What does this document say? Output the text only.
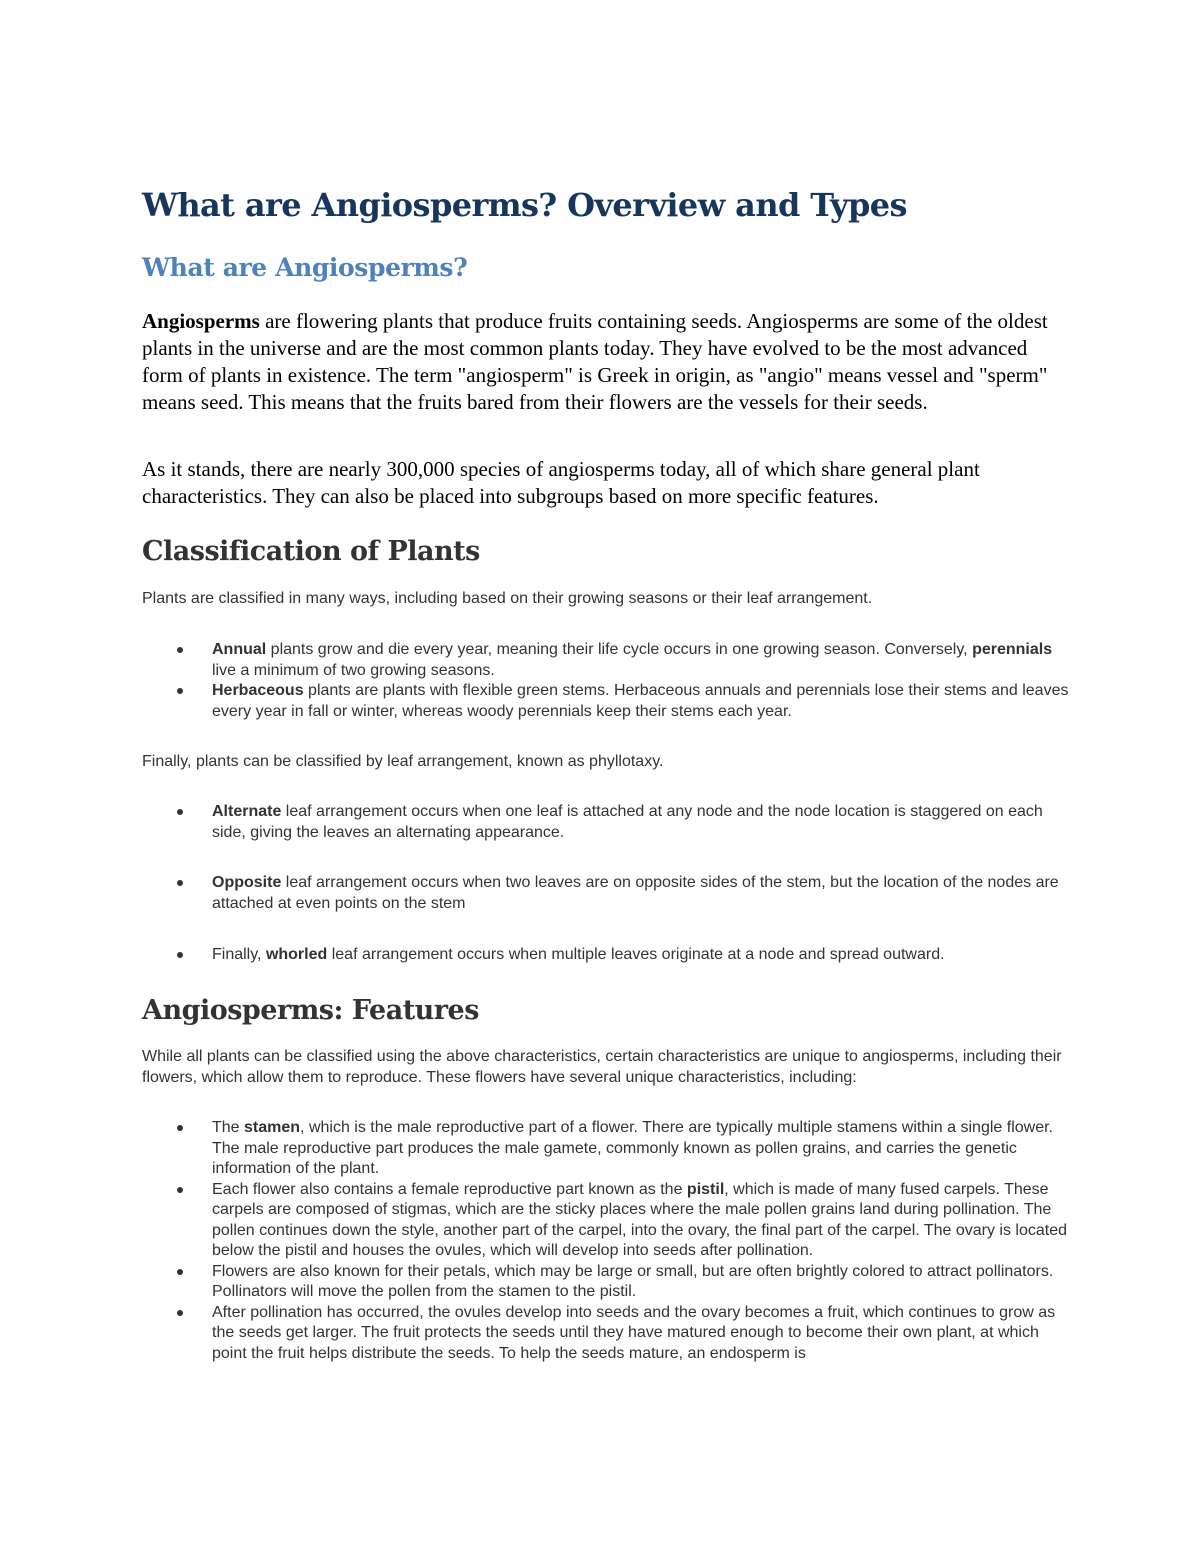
What are Angiosperms? Overview and Types
What are Angiosperms?

Angiosperms are flowering plants that produce fruits containing seeds. Angiosperms are some of the oldest plants in the universe and are the most common plants today. They have evolved to be the most advanced form of plants in existence. The term "angiosperm" is Greek in origin, as "angio" means vessel and "sperm" means seed. This means that the fruits bared from their flowers are the vessels for their seeds.

As it stands, there are nearly 300,000 species of angiosperms today, all of which share general plant characteristics. They can also be placed into subgroups based on more specific features.

Classification of Plants

Plants are classified in many ways, including based on their growing seasons or their leaf arrangement.

Annual plants grow and die every year, meaning their life cycle occurs in one growing season. Conversely, perennials live a minimum of two growing seasons.
Herbaceous plants are plants with flexible green stems. Herbaceous annuals and perennials lose their stems and leaves every year in fall or winter, whereas woody perennials keep their stems each year.

Finally, plants can be classified by leaf arrangement, known as phyllotaxy.

Alternate leaf arrangement occurs when one leaf is attached at any node and the node location is staggered on each side, giving the leaves an alternating appearance.
Opposite leaf arrangement occurs when two leaves are on opposite sides of the stem, but the location of the nodes are attached at even points on the stem
Finally, whorled leaf arrangement occurs when multiple leaves originate at a node and spread outward.
Angiosperms: Features

While all plants can be classified using the above characteristics, certain characteristics are unique to angiosperms, including their flowers, which allow them to reproduce. These flowers have several unique characteristics, including:

The stamen, which is the male reproductive part of a flower. There are typically multiple stamens within a single flower. The male reproductive part produces the male gamete, commonly known as pollen grains, and carries the genetic information of the plant.
Each flower also contains a female reproductive part known as the pistil, which is made of many fused carpels. These carpels are composed of stigmas, which are the sticky places where the male pollen grains land during pollination. The pollen continues down the style, another part of the carpel, into the ovary, the final part of the carpel. The ovary is located below the pistil and houses the ovules, which will develop into seeds after pollination.
Flowers are also known for their petals, which may be large or small, but are often brightly colored to attract pollinators. Pollinators will move the pollen from the stamen to the pistil.
After pollination has occurred, the ovules develop into seeds and the ovary becomes a fruit, which continues to grow as the seeds get larger. The fruit protects the seeds until they have matured enough to become their own plant, at which point the fruit helps distribute the seeds. To help the seeds mature, an endosperm is
